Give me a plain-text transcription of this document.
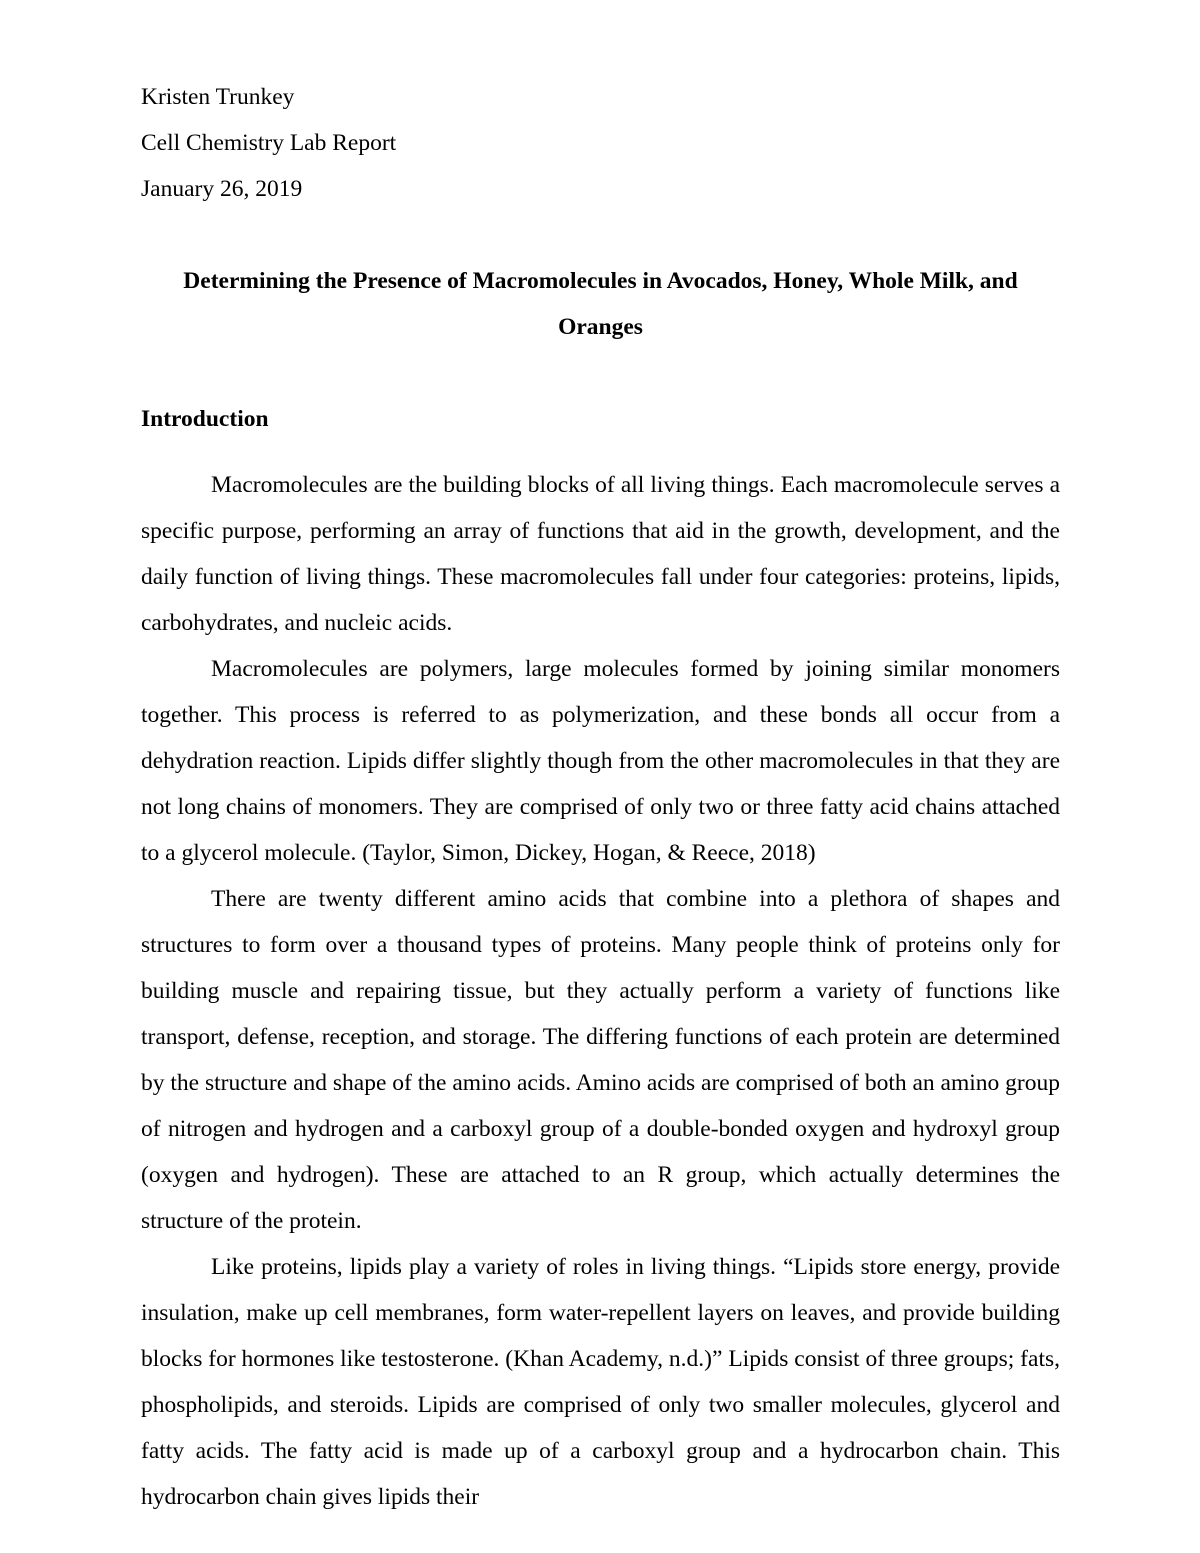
Kristen Trunkey
Cell Chemistry Lab Report
January 26, 2019
Determining the Presence of Macromolecules in Avocados, Honey, Whole Milk, and Oranges
Introduction

Macromolecules are the building blocks of all living things. Each macromolecule serves a specific purpose, performing an array of functions that aid in the growth, development, and the daily function of living things. These macromolecules fall under four categories: proteins, lipids, carbohydrates, and nucleic acids.

Macromolecules are polymers, large molecules formed by joining similar monomers together. This process is referred to as polymerization, and these bonds all occur from a dehydration reaction. Lipids differ slightly though from the other macromolecules in that they are not long chains of monomers. They are comprised of only two or three fatty acid chains attached to a glycerol molecule. (Taylor, Simon, Dickey, Hogan, & Reece, 2018)

There are twenty different amino acids that combine into a plethora of shapes and structures to form over a thousand types of proteins. Many people think of proteins only for building muscle and repairing tissue, but they actually perform a variety of functions like transport, defense, reception, and storage. The differing functions of each protein are determined by the structure and shape of the amino acids. Amino acids are comprised of both an amino group of nitrogen and hydrogen and a carboxyl group of a double-bonded oxygen and hydroxyl group (oxygen and hydrogen). These are attached to an R group, which actually determines the structure of the protein.

Like proteins, lipids play a variety of roles in living things. “Lipids store energy, provide insulation, make up cell membranes, form water-repellent layers on leaves, and provide building blocks for hormones like testosterone. (Khan Academy, n.d.)” Lipids consist of three groups; fats, phospholipids, and steroids. Lipids are comprised of only two smaller molecules, glycerol and fatty acids. The fatty acid is made up of a carboxyl group and a hydrocarbon chain. This hydrocarbon chain gives lipids their
